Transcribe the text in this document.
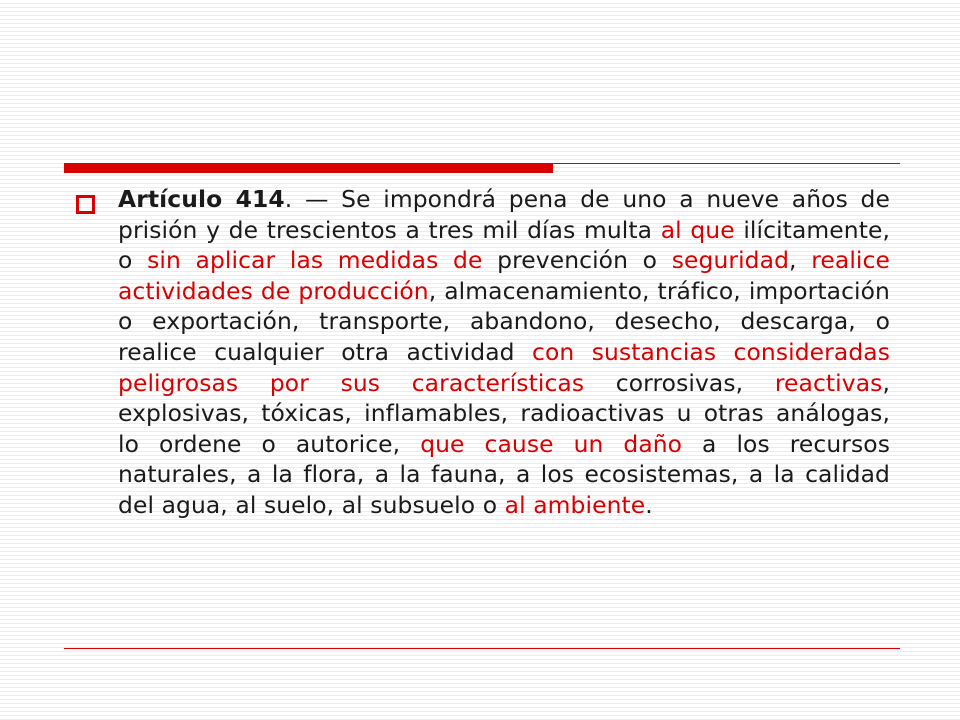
Artículo 414. — Se impondrá pena de uno a nueve años de prisión y de trescientos a tres mil días multa al que ilícitamente, o sin aplicar las medidas de prevención o seguridad, realice actividades de producción, almacenamiento, tráfico, importación o exportación, transporte, abandono, desecho, descarga, o realice cualquier otra actividad con sustancias consideradas peligrosas por sus características corrosivas, reactivas, explosivas, tóxicas, inflamables, radioactivas u otras análogas, lo ordene o autorice, que cause un daño a los recursos naturales, a la flora, a la fauna, a los ecosistemas, a la calidad del agua, al suelo, al subsuelo o al ambiente.
